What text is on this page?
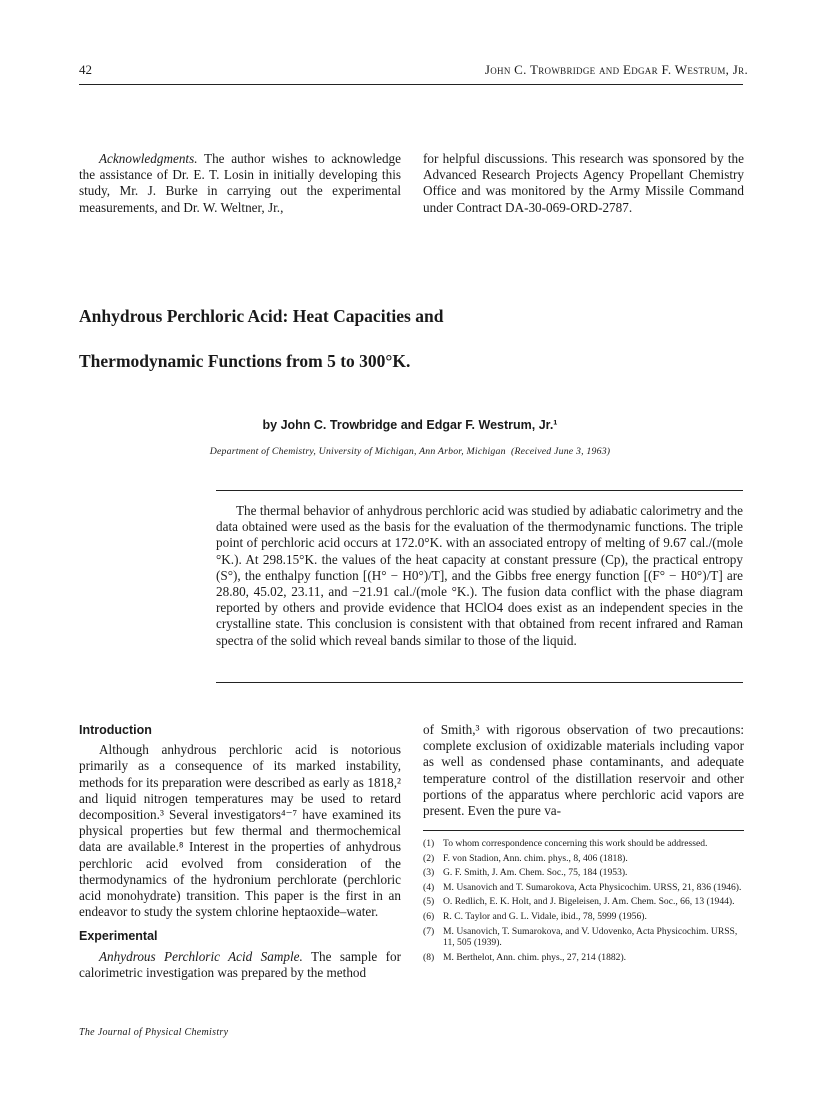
42	John C. Trowbridge and Edgar F. Westrum, Jr.

Acknowledgments. The author wishes to acknowledge the assistance of Dr. E. T. Losin in initially developing this study, Mr. J. Burke in carrying out the experimental measurements, and Dr. W. Weltner, Jr.,

for helpful discussions. This research was sponsored by the Advanced Research Projects Agency Propellant Chemistry Office and was monitored by the Army Missile Command under Contract DA-30-069-ORD-2787.

Anhydrous Perchloric Acid: Heat Capacities and
Thermodynamic Functions from 5 to 300°K.
by John C. Trowbridge and Edgar F. Westrum, Jr.¹
Department of Chemistry, University of Michigan, Ann Arbor, Michigan (Received June 3, 1963)

The thermal behavior of anhydrous perchloric acid was studied by adiabatic calorimetry and the data obtained were used as the basis for the evaluation of the thermodynamic functions. The triple point of perchloric acid occurs at 172.0°K. with an associated entropy of melting of 9.67 cal./(mole °K.). At 298.15°K. the values of the heat capacity at constant pressure (Cp), the practical entropy (S°), the enthalpy function [(H° − H0°)/T], and the Gibbs free energy function [(F° − H0°)/T] are 28.80, 45.02, 23.11, and −21.91 cal./(mole °K.). The fusion data conflict with the phase diagram reported by others and provide evidence that HClO4 does exist as an independent species in the crystalline state. This conclusion is consistent with that obtained from recent infrared and Raman spectra of the solid which reveal bands similar to those of the liquid.

Introduction

Although anhydrous perchloric acid is notorious primarily as a consequence of its marked instability, methods for its preparation were described as early as 1818,² and liquid nitrogen temperatures may be used to retard decomposition.³ Several investigators⁴⁻⁷ have examined its physical properties but few thermal and thermochemical data are available.⁸ Interest in the properties of anhydrous perchloric acid evolved from consideration of the thermodynamics of the hydronium perchlorate (perchloric acid monohydrate) transition. This paper is the first in an endeavor to study the system chlorine heptaoxide–water.

Experimental

Anhydrous Perchloric Acid Sample. The sample for calorimetric investigation was prepared by the method

of Smith,³ with rigorous observation of two precautions: complete exclusion of oxidizable materials including vapor as well as condensed phase contaminants, and adequate temperature control of the distillation reservoir and other portions of the apparatus where perchloric acid vapors are present. Even the pure va-

(1) To whom correspondence concerning this work should be addressed.
(2) F. von Stadion, Ann. chim. phys., 8, 406 (1818).
(3) G. F. Smith, J. Am. Chem. Soc., 75, 184 (1953).
(4) M. Usanovich and T. Sumarokova, Acta Physicochim. URSS, 21, 836 (1946).
(5) O. Redlich, E. K. Holt, and J. Bigeleisen, J. Am. Chem. Soc., 66, 13 (1944).
(6) R. C. Taylor and G. L. Vidale, ibid., 78, 5999 (1956).
(7) M. Usanovich, T. Sumarokova, and V. Udovenko, Acta Physicochim. URSS, 11, 505 (1939).
(8) M. Berthelot, Ann. chim. phys., 27, 214 (1882).
The Journal of Physical Chemistry
